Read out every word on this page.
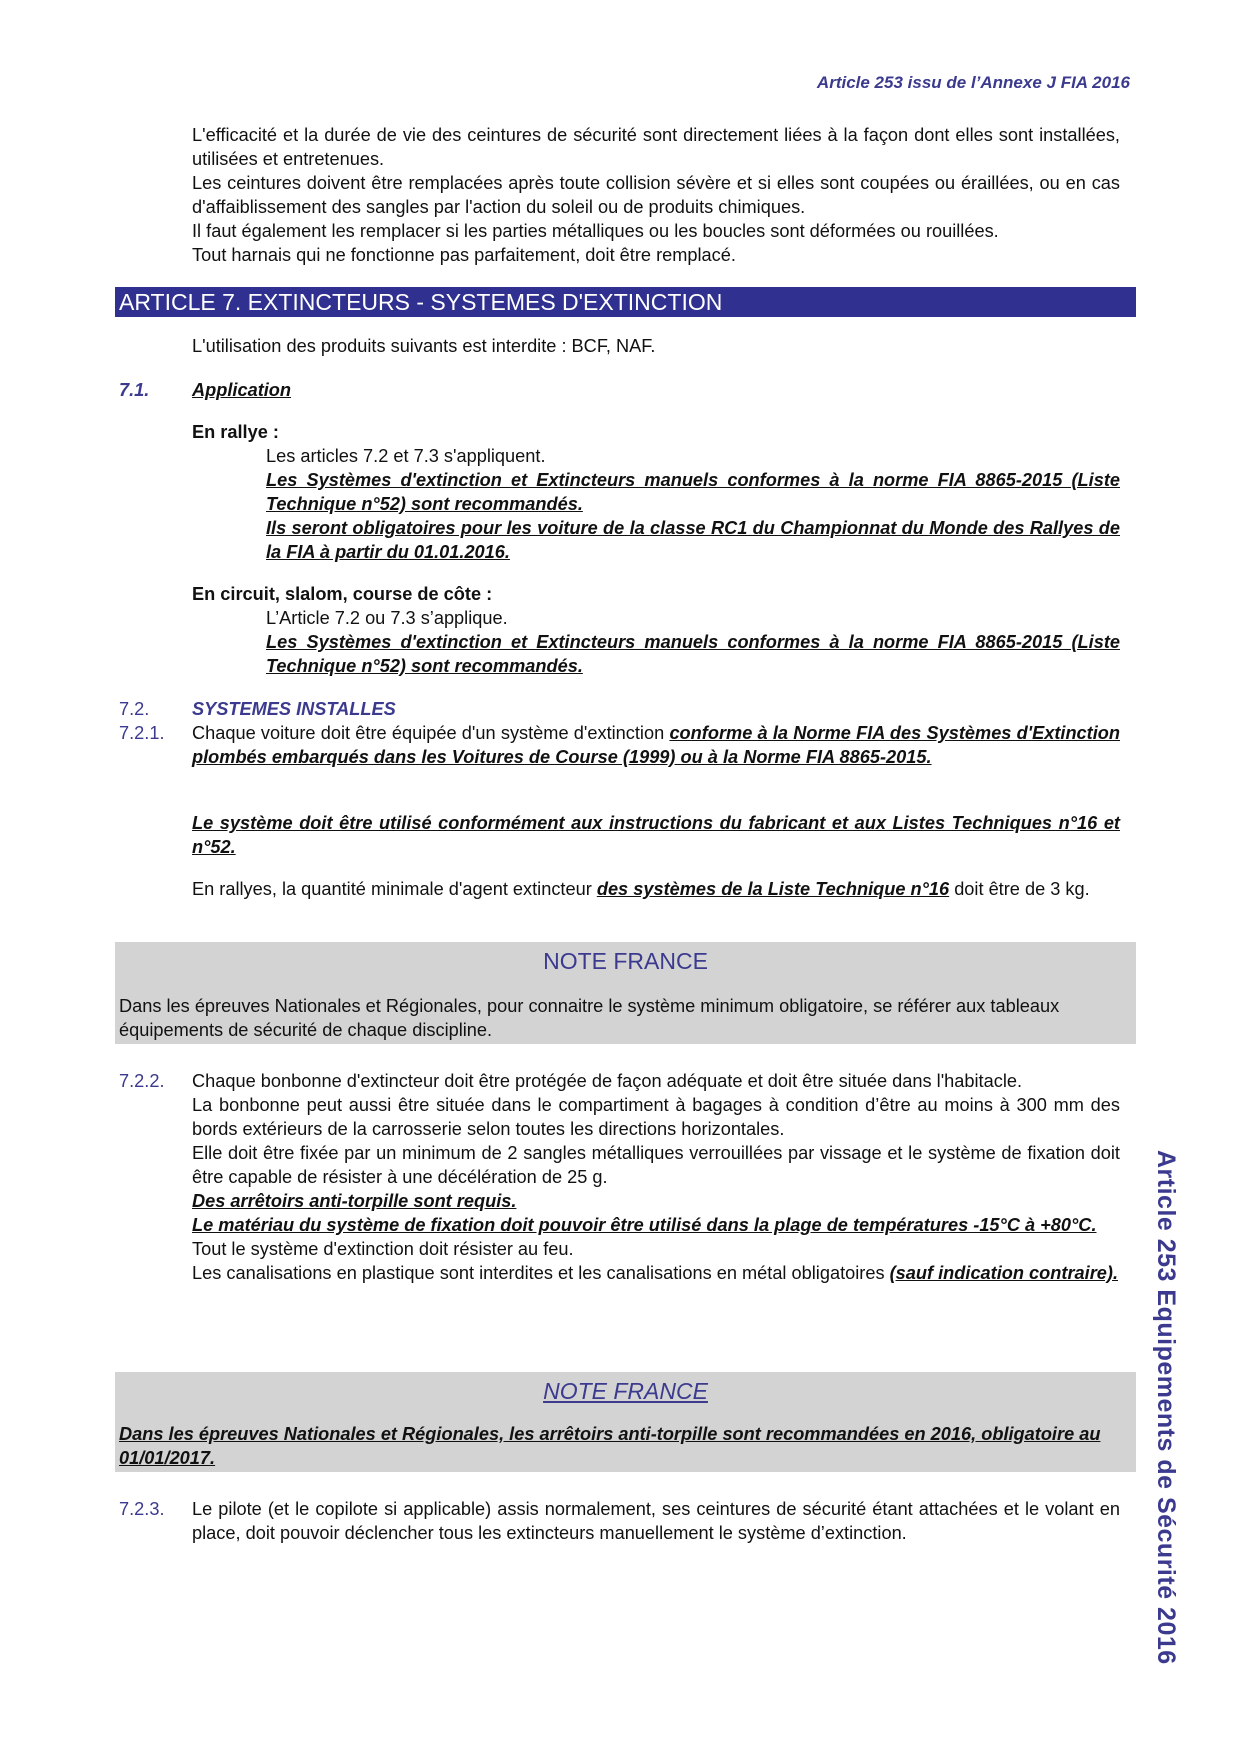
Article 253 issu de l’Annexe J FIA 2016
Article 253 Equipements de Sécurité 2016
L'efficacité et la durée de vie des ceintures de sécurité sont directement liées à la façon dont elles sont installées, utilisées et entretenues.
Les ceintures doivent être remplacées après toute collision sévère et si elles sont coupées ou éraillées, ou en cas d'affaiblissement des sangles par l'action du soleil ou de produits chimiques.
Il faut également les remplacer si les parties métalliques ou les boucles sont déformées ou rouillées.
Tout harnais qui ne fonctionne pas parfaitement, doit être remplacé.
ARTICLE 7. EXTINCTEURS - SYSTEMES D'EXTINCTION
L'utilisation des produits suivants est interdite : BCF, NAF.
7.1. Application
En rallye :
Les articles 7.2 et 7.3 s'appliquent.
Les Systèmes d'extinction et Extincteurs manuels conformes à la norme FIA 8865-2015 (Liste Technique n°52) sont recommandés.
Ils seront obligatoires pour les voiture de la classe RC1 du Championnat du Monde des Rallyes de la FIA à partir du 01.01.2016.
En circuit, slalom, course de côte :
L’Article 7.2 ou 7.3 s’applique.
Les Systèmes d'extinction et Extincteurs manuels conformes à la norme FIA 8865-2015 (Liste Technique n°52) sont recommandés.
7.2. SYSTEMES INSTALLES
7.2.1. Chaque voiture doit être équipée d'un système d'extinction conforme à la Norme FIA des Systèmes d'Extinction plombés embarqués dans les Voitures de Course (1999) ou à la Norme FIA 8865-2015.
Le système doit être utilisé conformément aux instructions du fabricant et aux Listes Techniques n°16 et n°52.
En rallyes, la quantité minimale d'agent extincteur des systèmes de la Liste Technique n°16 doit être de 3 kg.
NOTE FRANCE
Dans les épreuves Nationales et Régionales, pour connaitre le système minimum obligatoire, se référer aux tableaux équipements de sécurité de chaque discipline.
7.2.2. Chaque bonbonne d'extincteur doit être protégée de façon adéquate et doit être située dans l'habitacle.
La bonbonne peut aussi être située dans le compartiment à bagages à condition d’être au moins à 300 mm des bords extérieurs de la carrosserie selon toutes les directions horizontales.
Elle doit être fixée par un minimum de 2 sangles métalliques verrouillées par vissage et le système de fixation doit être capable de résister à une décélération de 25 g.
Des arrêtoirs anti-torpille sont requis.
Le matériau du système de fixation doit pouvoir être utilisé dans la plage de températures -15°C à +80°C.
Tout le système d'extinction doit résister au feu.
Les canalisations en plastique sont interdites et les canalisations en métal obligatoires (sauf indication contraire).
NOTE FRANCE
Dans les épreuves Nationales et Régionales, les arrêtoirs anti-torpille sont recommandées en 2016, obligatoire au 01/01/2017.
7.2.3. Le pilote (et le copilote si applicable) assis normalement, ses ceintures de sécurité étant attachées et le volant en place, doit pouvoir déclencher tous les extincteurs manuellement le système d’extinction.
